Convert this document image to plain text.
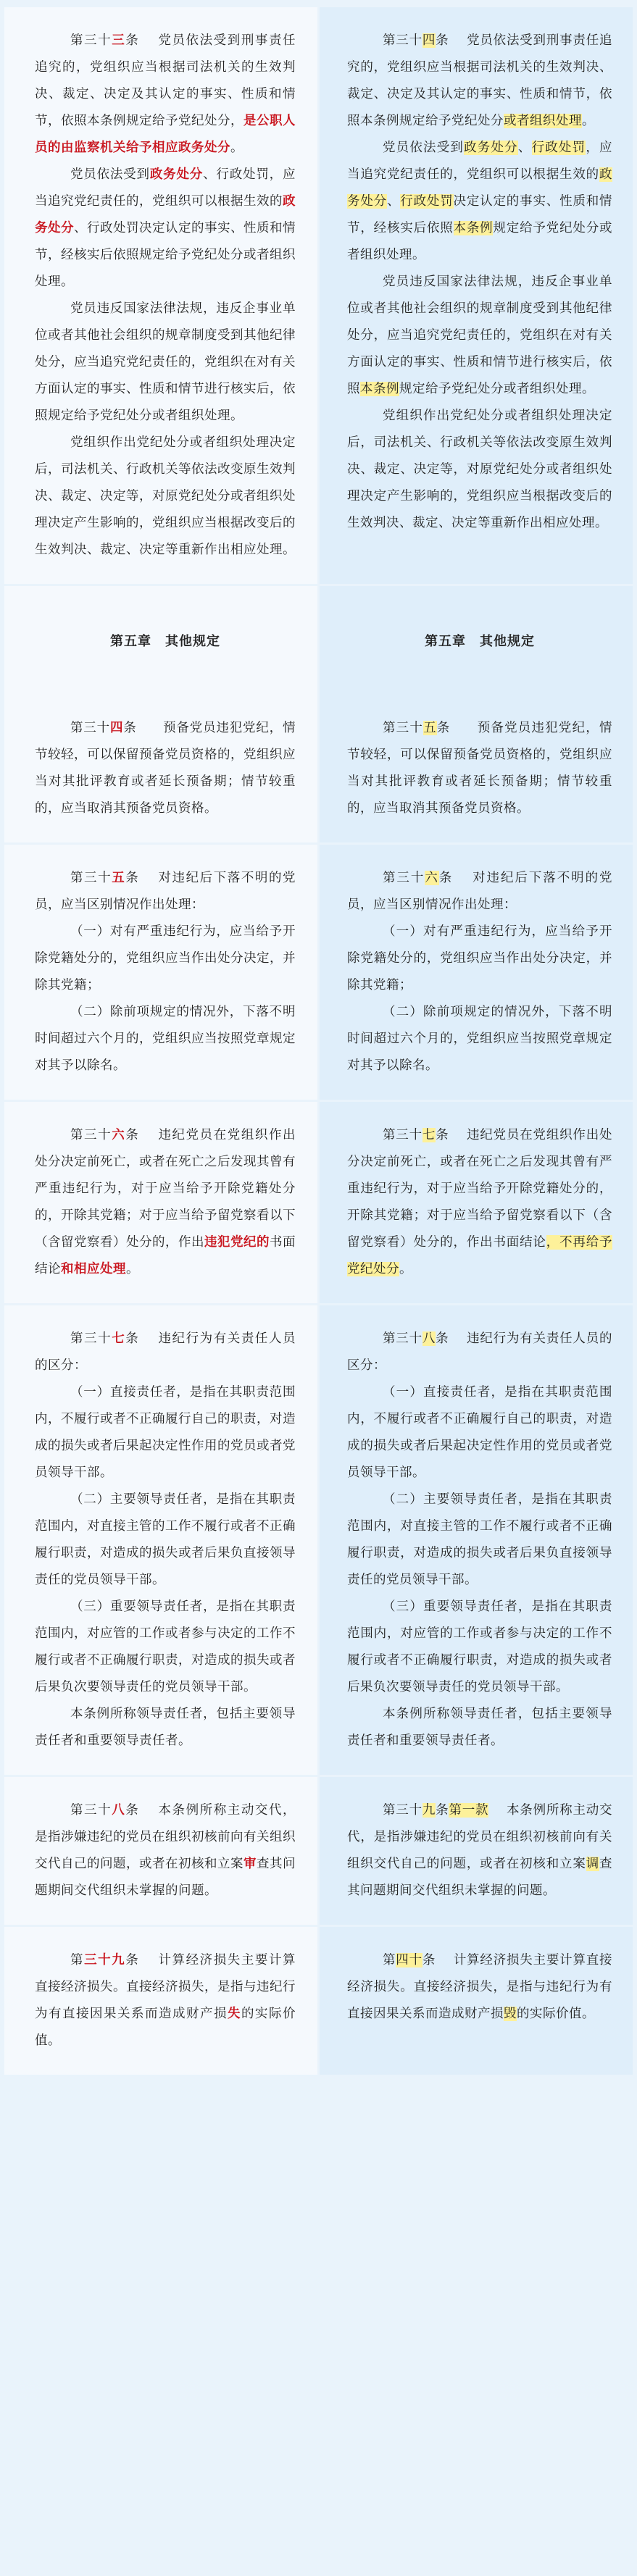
第三十三条　 党员依法受到刑事责任追究的，党组织应当根据司法机关的生效判决、裁定、决定及其认定的事实、性质和情节，依照本条例规定给予党纪处分，是公职人员的由监察机关给予相应政务处分。

党员依法受到政务处分、行政处罚，应当追究党纪责任的，党组织可以根据生效的政务处分、行政处罚决定认定的事实、性质和情节，经核实后依照规定给予党纪处分或者组织处理。

党员违反国家法律法规，违反企事业单位或者其他社会组织的规章制度受到其他纪律处分，应当追究党纪责任的，党组织在对有关方面认定的事实、性质和情节进行核实后，依照规定给予党纪处分或者组织处理。

党组织作出党纪处分或者组织处理决定后，司法机关、行政机关等依法改变原生效判决、裁定、决定等，对原党纪处分或者组织处理决定产生影响的，党组织应当根据改变后的生效判决、裁定、决定等重新作出相应处理。

第三十四条　 党员依法受到刑事责任追究的，党组织应当根据司法机关的生效判决、裁定、决定及其认定的事实、性质和情节，依照本条例规定给予党纪处分或者组织处理。

党员依法受到政务处分、行政处罚，应当追究党纪责任的，党组织可以根据生效的政务处分、行政处罚决定认定的事实、性质和情节，经核实后依照本条例规定给予党纪处分或者组织处理。

党员违反国家法律法规，违反企事业单位或者其他社会组织的规章制度受到其他纪律处分，应当追究党纪责任的，党组织在对有关方面认定的事实、性质和情节进行核实后，依照本条例规定给予党纪处分或者组织处理。

党组织作出党纪处分或者组织处理决定后，司法机关、行政机关等依法改变原生效判决、裁定、决定等，对原党纪处分或者组织处理决定产生影响的，党组织应当根据改变后的生效判决、裁定、决定等重新作出相应处理。

第五章　其他规定	第五章　其他规定

第三十四条　　预备党员违犯党纪，情节较轻，可以保留预备党员资格的，党组织应当对其批评教育或者延长预备期；情节较重的，应当取消其预备党员资格。

第三十五条　　预备党员违犯党纪，情节较轻，可以保留预备党员资格的，党组织应当对其批评教育或者延长预备期；情节较重的，应当取消其预备党员资格。

第三十五条　 对违纪后下落不明的党员，应当区别情况作出处理：

（一）对有严重违纪行为，应当给予开除党籍处分的，党组织应当作出处分决定，并除其党籍；

（二）除前项规定的情况外，下落不明时间超过六个月的，党组织应当按照党章规定对其予以除名。

第三十六条　 对违纪后下落不明的党员，应当区别情况作出处理：

（一）对有严重违纪行为，应当给予开除党籍处分的，党组织应当作出处分决定，并除其党籍；

（二）除前项规定的情况外，下落不明时间超过六个月的，党组织应当按照党章规定对其予以除名。

第三十六条　 违纪党员在党组织作出处分决定前死亡，或者在死亡之后发现其曾有严重违纪行为，对于应当给予开除党籍处分的，开除其党籍；对于应当给予留党察看以下（含留党察看）处分的，作出违犯党纪的书面结论和相应处理。

第三十七条　 违纪党员在党组织作出处分决定前死亡，或者在死亡之后发现其曾有严重违纪行为，对于应当给予开除党籍处分的，开除其党籍；对于应当给予留党察看以下（含留党察看）处分的，作出书面结论，不再给予党纪处分。

第三十七条　 违纪行为有关责任人员的区分：

（一）直接责任者，是指在其职责范围内，不履行或者不正确履行自己的职责，对造成的损失或者后果起决定性作用的党员或者党员领导干部。

（二）主要领导责任者，是指在其职责范围内，对直接主管的工作不履行或者不正确履行职责，对造成的损失或者后果负直接领导责任的党员领导干部。

（三）重要领导责任者，是指在其职责范围内，对应管的工作或者参与决定的工作不履行或者不正确履行职责，对造成的损失或者后果负次要领导责任的党员领导干部。

本条例所称领导责任者，包括主要领导责任者和重要领导责任者。

第三十八条　 违纪行为有关责任人员的区分：

（一）直接责任者，是指在其职责范围内，不履行或者不正确履行自己的职责，对造成的损失或者后果起决定性作用的党员或者党员领导干部。

（二）主要领导责任者，是指在其职责范围内，对直接主管的工作不履行或者不正确履行职责，对造成的损失或者后果负直接领导责任的党员领导干部。

（三）重要领导责任者，是指在其职责范围内，对应管的工作或者参与决定的工作不履行或者不正确履行职责，对造成的损失或者后果负次要领导责任的党员领导干部。

本条例所称领导责任者，包括主要领导责任者和重要领导责任者。

第三十八条　 本条例所称主动交代，是指涉嫌违纪的党员在组织初核前向有关组织交代自己的问题，或者在初核和立案审查其问题期间交代组织未掌握的问题。

第三十九条第一款　 本条例所称主动交代，是指涉嫌违纪的党员在组织初核前向有关组织交代自己的问题，或者在初核和立案调查其问题期间交代组织未掌握的问题。

第三十九条　 计算经济损失主要计算直接经济损失。直接经济损失，是指与违纪行为有直接因果关系而造成财产损失的实际价值。

第四十条　 计算经济损失主要计算直接经济损失。直接经济损失，是指与违纪行为有直接因果关系而造成财产损毁的实际价值。
